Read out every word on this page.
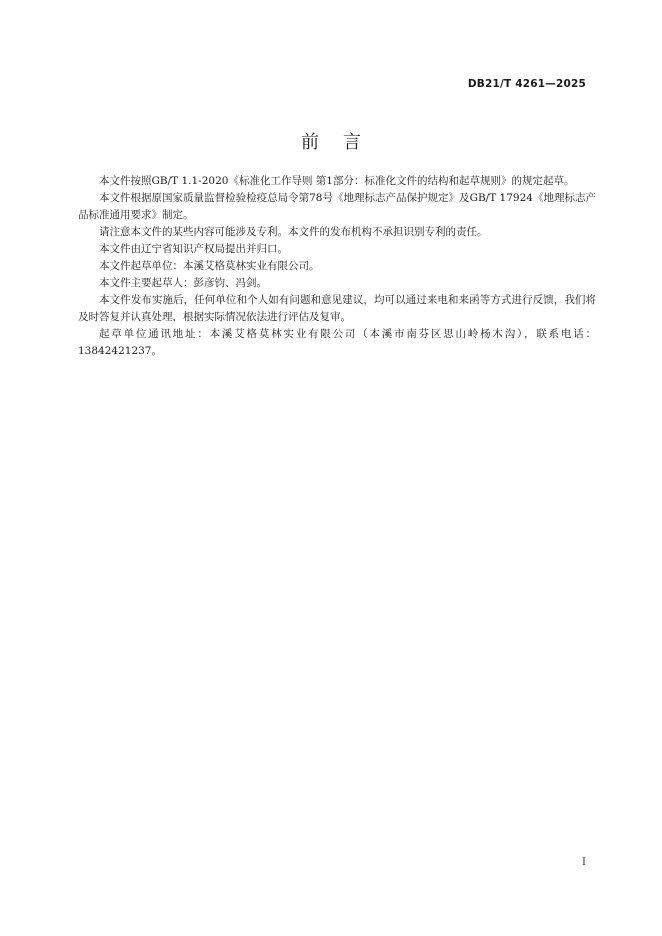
DB21/T 4261—2025
前言

本文件按照GB/T 1.1-2020《标准化工作导则 第1部分：标准化文件的结构和起草规则》的规定起草。

本文件根据原国家质量监督检验检疫总局令第78号《地理标志产品保护规定》及GB/T 17924《地理标志产品标准通用要求》制定。

请注意本文件的某些内容可能涉及专利。本文件的发布机构不承担识别专利的责任。

本文件由辽宁省知识产权局提出并归口。

本文件起草单位：本溪艾格莫林实业有限公司。

本文件主要起草人：彭彦钧、冯剑。

本文件发布实施后，任何单位和个人如有问题和意见建议，均可以通过来电和来函等方式进行反馈，我们将及时答复并认真处理，根据实际情况依法进行评估及复审。

起草单位通讯地址：本溪艾格莫林实业有限公司（本溪市南芬区思山岭杨木沟），联系电话：13842421237。

I
